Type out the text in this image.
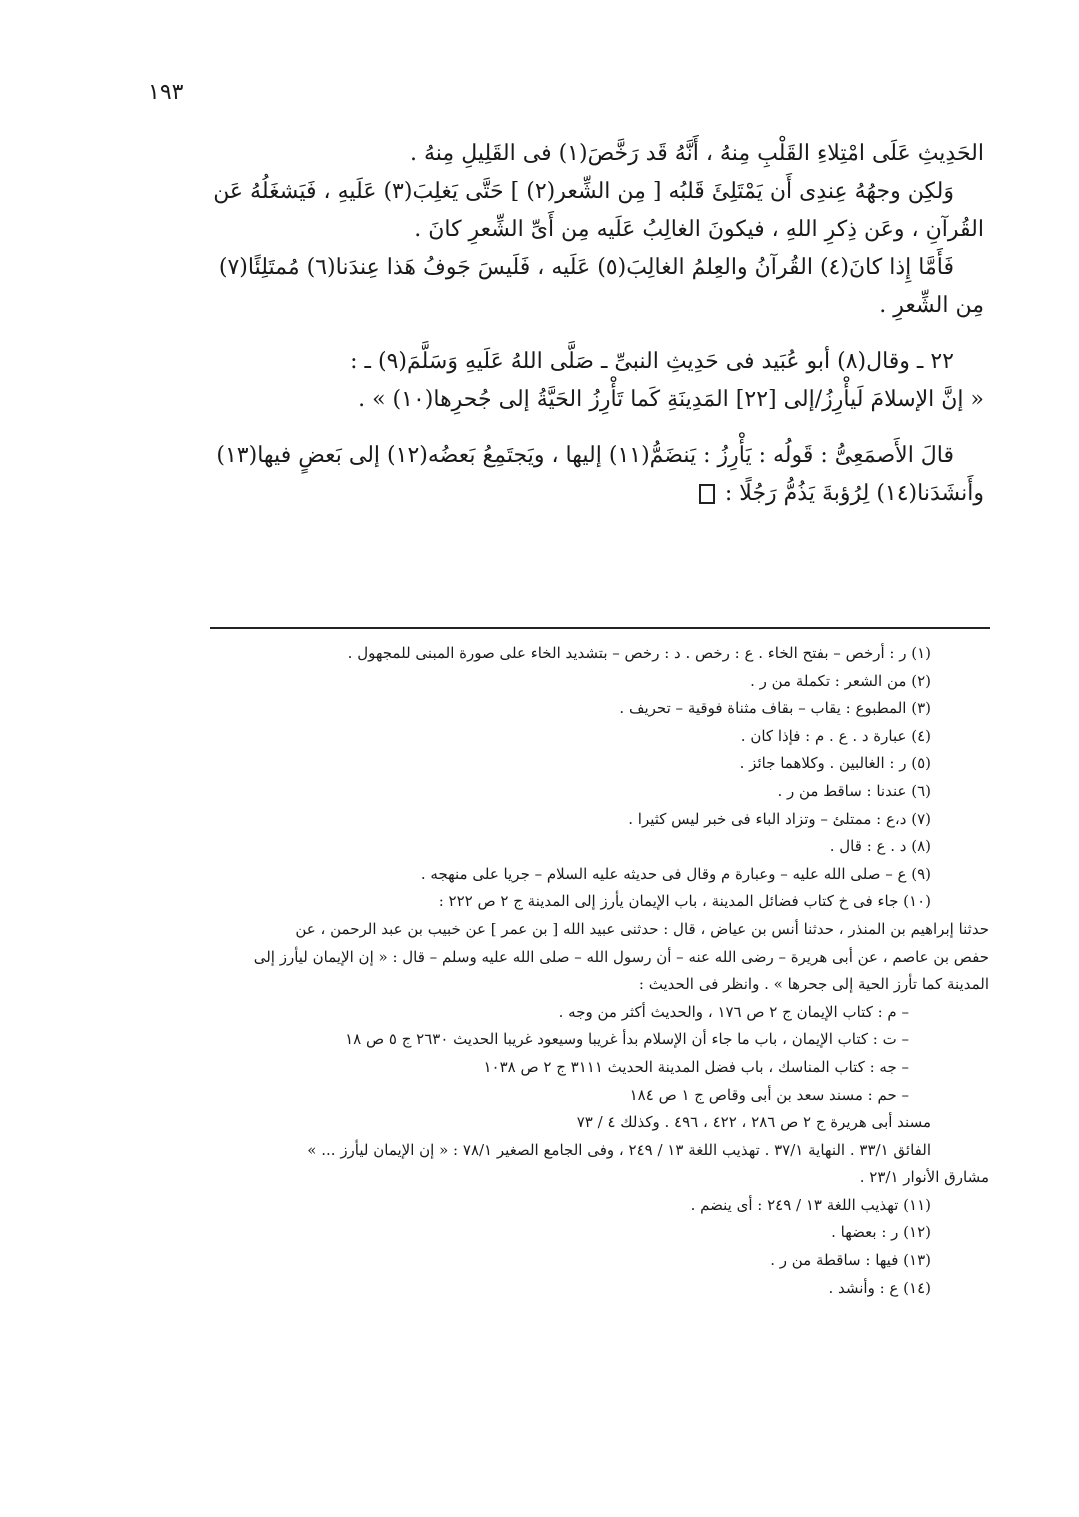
١٩٣

الحَدِيثِ عَلَى امْتِلاءِ القَلْبِ مِنهُ ، أَنَّهُ قَد رَخَّصَ(١) فى القَلِيلِ مِنهُ .

وَلكِن وجهُهُ عِندِى أَن يَمْتَلِئَ قَلبُه [ مِن الشِّعر(٢) ] حَتَّى يَغلِبَ(٣) عَلَيهِ ، فَيَشغَلُهُ عَن

القُرآنِ ، وعَن ذِكرِ اللهِ ، فيكونَ الغالِبُ عَلَيه مِن أَىِّ الشِّعرِ كانَ .

فَأَمَّا إِذا كانَ(٤) القُرآنُ والعِلمُ الغالِبَ(٥) عَلَيه ، فَلَيسَ جَوفُ هَذا عِندَنا(٦) مُمتَلِئًا(٧)

مِن الشِّعرِ .

٢٢ ـ وقال(٨) أبو عُبَيد فى حَدِيثِ النبىِّ ـ صَلَّى اللهُ عَلَيهِ وَسَلَّمَ(٩) ـ :

« إنَّ الإسلامَ لَيأْرِزُ/إلى [٢٢] المَدِينَةِ كَما تَأْرِزُ الحَيَّةُ إلى جُحرِها(١٠) » .

قالَ الأَصمَعِىُّ : قَولُه : يَأْرِزُ : يَنضَمُّ(١١) إليها ، ويَجتَمِعُ بَعضُه(١٢) إلى بَعضٍ فيها(١٣)

وأَنشَدَنا(١٤) لِرُؤبةَ يَذُمُّ رَجُلًا :

(١) ر : أرخص – بفتح الخاء . ع : رخص . د : رخص – بتشديد الخاء على صورة المبنى للمجهول .
(٢) من الشعر : تكملة من ر .
(٣) المطبوع : يقاب – بقاف مثناة فوقية – تحريف .
(٤) عبارة د . ع . م : فإذا كان .
(٥) ر : الغالبين . وكلاهما جائز .
(٦) عندنا : ساقط من ر .
(٧) د،ع : ممتلئ – وتزاد الباء فى خبر ليس كثيرا .
(٨) د . ع : قال .
(٩) ع – صلى الله عليه – وعبارة م وقال فى حديثه عليه السلام – جريا على منهجه .
(١٠) جاء فى خ كتاب فضائل المدينة ، باب الإيمان يأرز إلى المدينة ج ٢ ص ٢٢٢ :
حدثنا إبراهيم بن المنذر ، حدثنا أنس بن عياض ، قال : حدثنى عبيد الله [ بن عمر ] عن خبيب بن عبد الرحمن ، عن
حفص بن عاصم ، عن أبى هريرة – رضى الله عنه – أن رسول الله – صلى الله عليه وسلم – قال : « إن الإيمان ليأرز إلى
المدينة كما تأرز الحية إلى جحرها » . وانظر فى الحديث :
– م : كتاب الإيمان ج ٢ ص ١٧٦ ، والحديث أكثر من وجه .
– ت : كتاب الإيمان ، باب ما جاء أن الإسلام بدأ غريبا وسيعود غريبا الحديث ٢٦٣٠ ج ٥ ص ١٨
– جه : كتاب المناسك ، باب فضل المدينة الحديث ٣١١١ ج ٢ ص ١٠٣٨
– حم : مسند سعد بن أبى وقاص ج ١ ص ١٨٤
مسند أبى هريرة ج ٢ ص ٢٨٦ ، ٤٢٢ ، ٤٩٦ . وكذلك ٤ / ٧٣
الفائق ٣٣/١ . النهاية ٣٧/١ . تهذيب اللغة ١٣ / ٢٤٩ ، وفى الجامع الصغير ٧٨/١ : « إن الإيمان ليأرز ... »
مشارق الأنوار ٢٣/١ .
(١١) تهذيب اللغة ١٣ / ٢٤٩ : أى ينضم .
(١٢) ر : بعضها .
(١٣) فيها : ساقطة من ر .
(١٤) ع : وأنشد .
